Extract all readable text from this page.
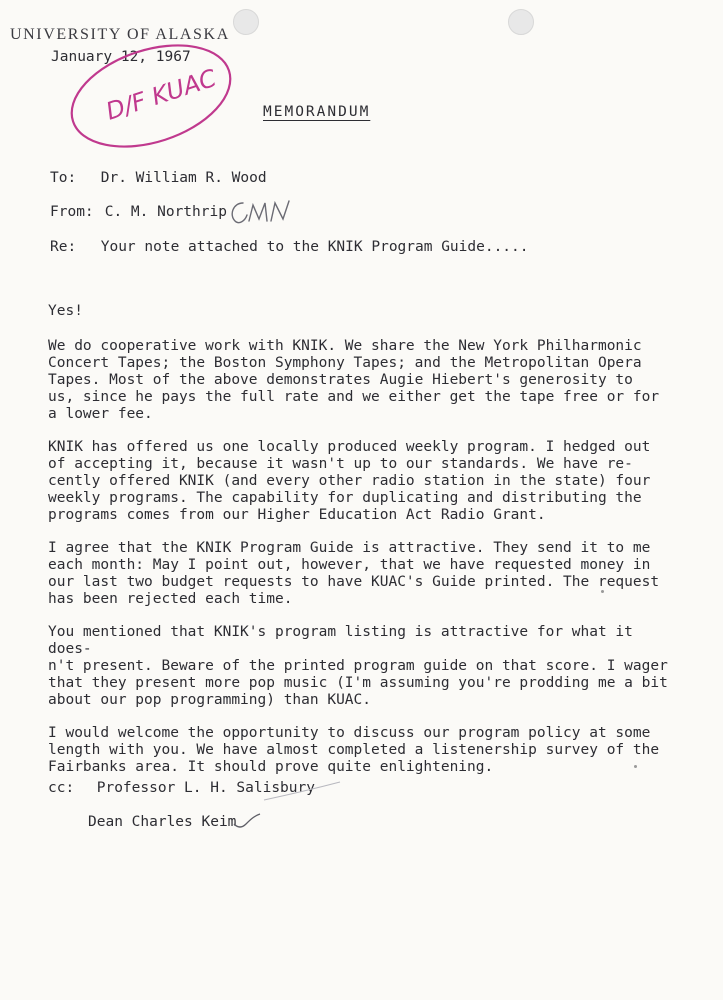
UNIVERSITY OF ALASKA
January 12, 1967
D/F KUAC	MEMORANDUM
To: Dr. William R. Wood
From: C. M. Northrip
Re: Your note attached to the KNIK Program Guide.....

Yes!

We do cooperative work with KNIK. We share the New York Philharmonic
Concert Tapes; the Boston Symphony Tapes; and the Metropolitan Opera
Tapes. Most of the above demonstrates Augie Hiebert's generosity to
us, since he pays the full rate and we either get the tape free or for
a lower fee.

KNIK has offered us one locally produced weekly program. I hedged out
of accepting it, because it wasn't up to our standards. We have re-
cently offered KNIK (and every other radio station in the state) four
weekly programs. The capability for duplicating and distributing the
programs comes from our Higher Education Act Radio Grant.

I agree that the KNIK Program Guide is attractive. They send it to me
each month: May I point out, however, that we have requested money in
our last two budget requests to have KUAC's Guide printed. The request
has been rejected each time.

You mentioned that KNIK's program listing is attractive for what it does-
n't present. Beware of the printed program guide on that score. I wager
that they present more pop music (I'm assuming you're prodding me a bit
about our pop programming) than KUAC.

I would welcome the opportunity to discuss our program policy at some
length with you. We have almost completed a listenership survey of the
Fairbanks area. It should prove quite enlightening.

cc: Professor L. H. Salisbury
Dean Charles Keim
